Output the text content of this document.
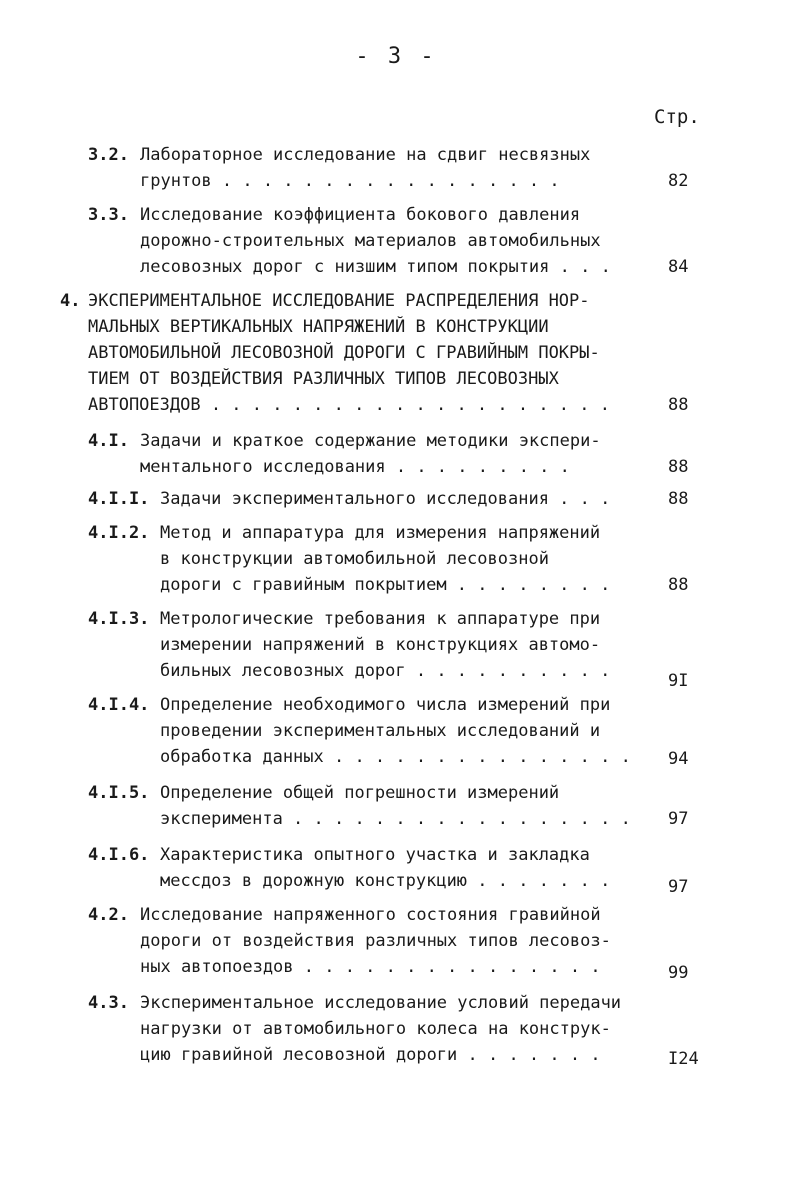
- 3 -
Стр.
3.2. Лабораторное исследование на сдвиг несвязных
грунтов . . . . . . . . . . . . . . . . .	82
3.3. Исследование коэффициента бокового давления
дорожно-строительных материалов автомобильных
лесовозных дорог с низшим типом покрытия . . .	84
4. ЭКСПЕРИМЕНТАЛЬНОЕ ИССЛЕДОВАНИЕ РАСПРЕДЕЛЕНИЯ НОР-
МАЛЬНЫХ ВЕРТИКАЛЬНЫХ НАПРЯЖЕНИЙ В КОНСТРУКЦИИ
АВТОМОБИЛЬНОЙ ЛЕСОВОЗНОЙ ДОРОГИ С ГРАВИЙНЫМ ПОКРЫ-
ТИЕМ ОТ ВОЗДЕЙСТВИЯ РАЗЛИЧНЫХ ТИПОВ ЛЕСОВОЗНЫХ
АВТОПОЕЗДОВ . . . . . . . . . . . . . . . . . . . .	88
4.I. Задачи и краткое содержание методики экспери-
ментального исследования . . . . . . . . .	88
4.I.I. Задачи экспериментального исследования . . .	88
4.I.2. Метод и аппаратура для измерения напряжений
в конструкции автомобильной лесовозной
дороги с гравийным покрытием . . . . . . . .	88
4.I.3. Метрологические требования к аппаратуре при
измерении напряжений в конструкциях автомо-
бильных лесовозных дорог . . . . . . . . . .	9I
4.I.4. Определение необходимого числа измерений при
проведении экспериментальных исследований и
обработка данных . . . . . . . . . . . . . . . 94
4.I.5. Определение общей погрешности измерений
эксперимента . . . . . . . . . . . . . . . . . 97
4.I.6. Характеристика опытного участка и закладка
мессдоз в дорожную конструкцию . . . . . . .	97
4.2. Исследование напряженного состояния гравийной
дороги от воздействия различных типов лесовоз-
ных автопоездов . . . . . . . . . . . . . . .	99
4.3. Экспериментальное исследование условий передачи
нагрузки от автомобильного колеса на конструк-
цию гравийной лесовозной дороги . . . . . . .	I24
